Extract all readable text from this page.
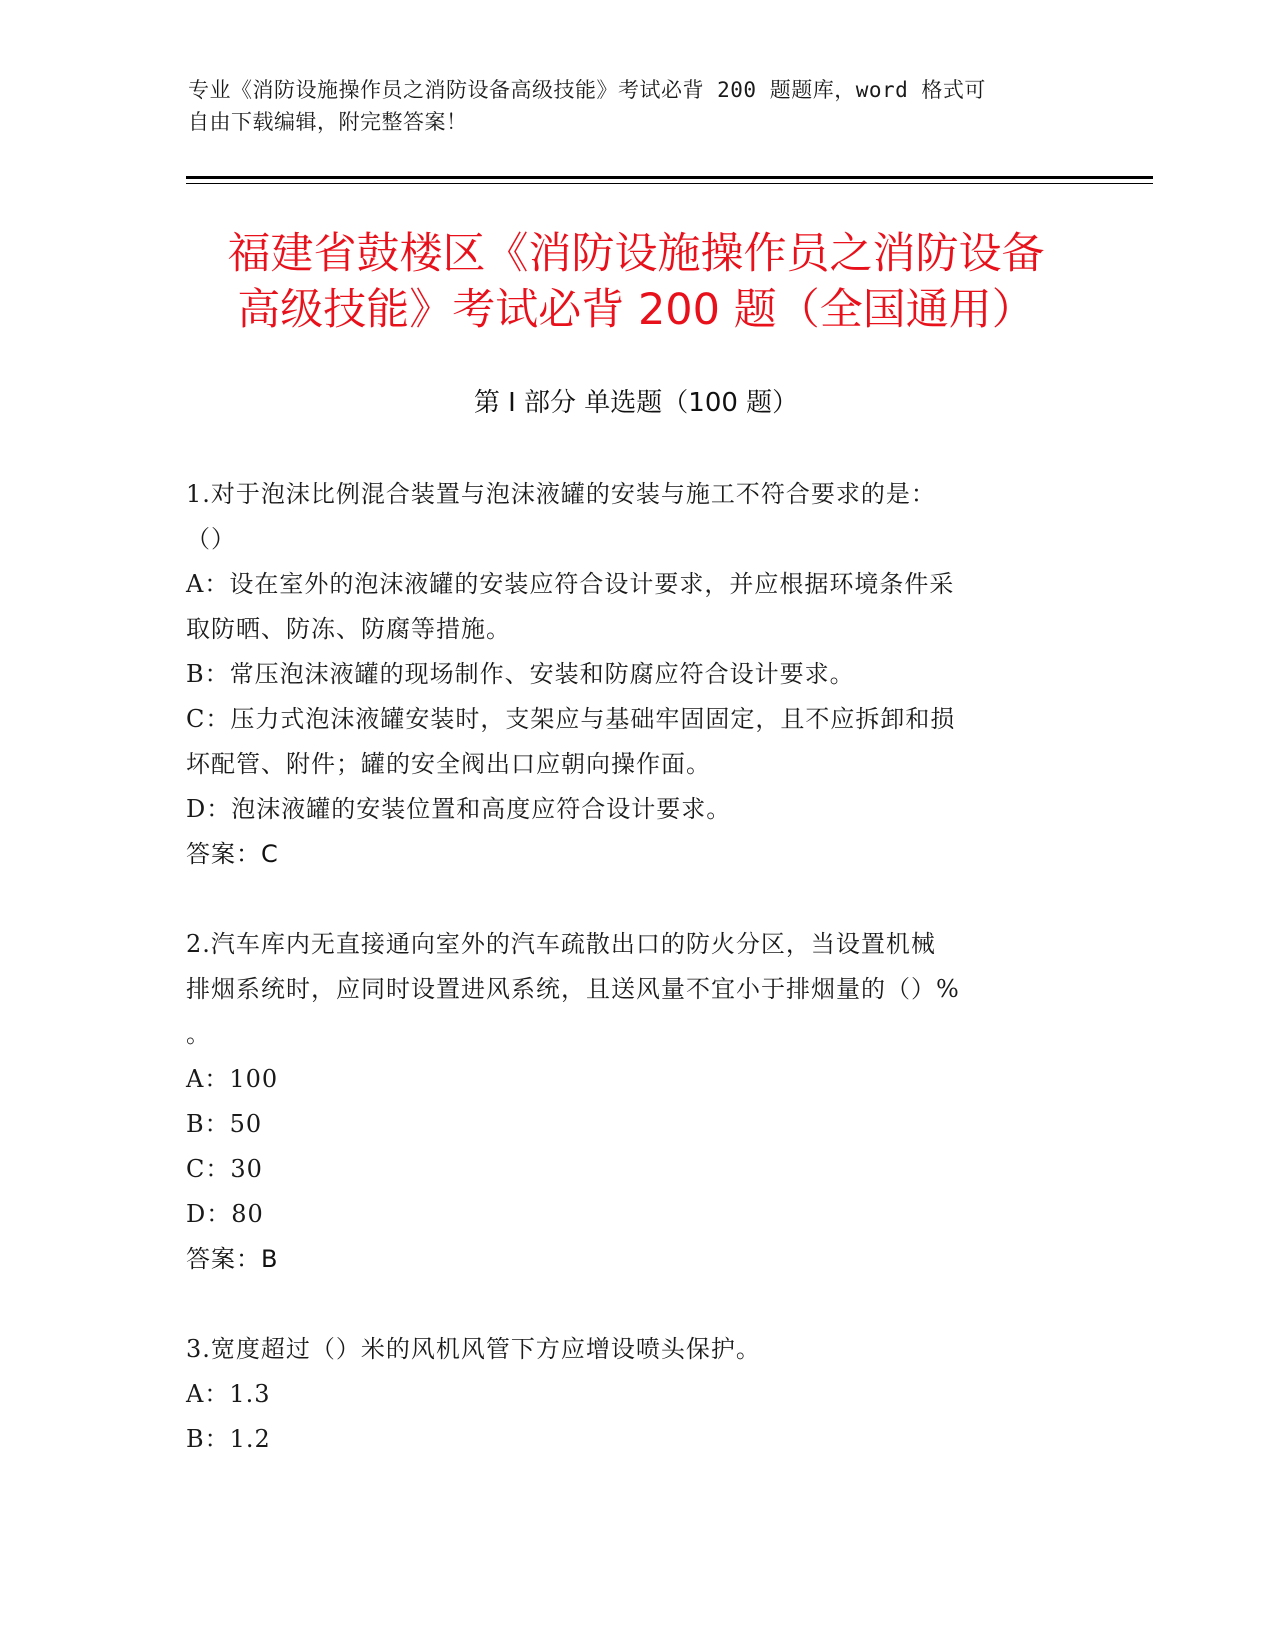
专业《消防设施操作员之消防设备高级技能》考试必背 200 题题库，word 格式可
自由下载编辑，附完整答案！
福建省鼓楼区《消防设施操作员之消防设备
高级技能》考试必背 200 题（全国通用）
第 I 部分 单选题（100 题）

1.对于泡沫比例混合装置与泡沫液罐的安装与施工不符合要求的是：

（）

A：设在室外的泡沫液罐的安装应符合设计要求，并应根据环境条件采

取防晒、防冻、防腐等措施。

B：常压泡沫液罐的现场制作、安装和防腐应符合设计要求。

C：压力式泡沫液罐安装时，支架应与基础牢固固定，且不应拆卸和损

坏配管、附件；罐的安全阀出口应朝向操作面。

D：泡沫液罐的安装位置和高度应符合设计要求。

答案：C

2.汽车库内无直接通向室外的汽车疏散出口的防火分区，当设置机械

排烟系统时，应同时设置进风系统，且送风量不宜小于排烟量的（）%

。

A：100

B：50

C：30

D：80

答案：B

3.宽度超过（）米的风机风管下方应增设喷头保护。

A：1.3

B：1.2
